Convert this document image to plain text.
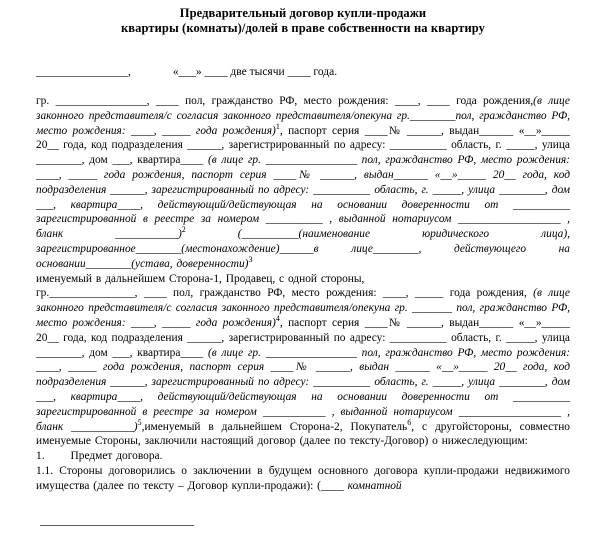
Предварительный договор купли-продажи
квартиры (комнаты)/долей в праве собственности на квартиру
________________,	«___» ____ две тысячи ____ года.

гр. ________________, ____ пол, гражданство РФ, место рождения: ____, ____ года рождения,(в лице законного представителя/с согласия законного представителя/опекуна гр.________пол, гражданство РФ, место рождения: ____, _____ года рождения)$^1$, паспорт серия ____№ ______, выдан______ «__»_____ 20__ года, код подразделения ______, зарегистрированный по адресу: __________ область, г. _____, улица ________, дом ___, квартира____ (в лице гр. ________________ пол, гражданство РФ, место рождения: ____, _____ года рождения, паспорт серия ____№ ______, выдан______ «__»_____ 20__ года, код подразделения ______, зарегистрированный по адресу: __________ область, г. _____, улица ________, дом ___, квартира____, действующий/действующая на основании доверенности от __________ зарегистрированной в реестре за номером __________ , выданной нотариусом __________________ , бланк ___________)$^2$ (__________(наименование юридического лица), зарегистрированное________(местонахождение)______в лице________, действующего на основании________(устава, доверенности)$^3$

именуемый в дальнейшем Сторона-1, Продавец, с одной стороны,

гр._______________, ____ пол, гражданство РФ, место рождения: ____, _____ года рождения, (в лице законного представителя/с согласия законного представителя/опекуна гр. _______ пол, гражданство РФ, место рождения: ____, _____ года рождения)$^4$, паспорт серия ____№ ______, выдан______ «__»_____ 20__ года, код подразделения ______, зарегистрированный по адресу: __________ область, г. _____, улица ________, дом ___, квартира____ (в лице гр. ________________ пол, гражданство РФ, место рождения: ____, _____ года рождения, паспорт серия ____№ ______, выдан ______ «__»_____ 20__ года, код подразделения ______, зарегистрированный по адресу: __________ область, г. _____, улица ________, дом ___, квартира____, действующий/действующая на основании доверенности от __________ зарегистрированной в реестре за номером ___________ , выданной нотариусом __________________ , бланк ___________)$^5$,именуемый в дальнейшем Сторона-2, Покупатель$^6$, с другойстороны, совместно именуемые Стороны, заключили настоящий договор (далее по тексту-Договор) о нижеследующим:

1. Предмет договора.

1.1. Стороны договорились о заключении в будущем основного договора купли-продажи недвижимого имущества (далее по тексту – Договор купли-продажи): (____ комнатной
